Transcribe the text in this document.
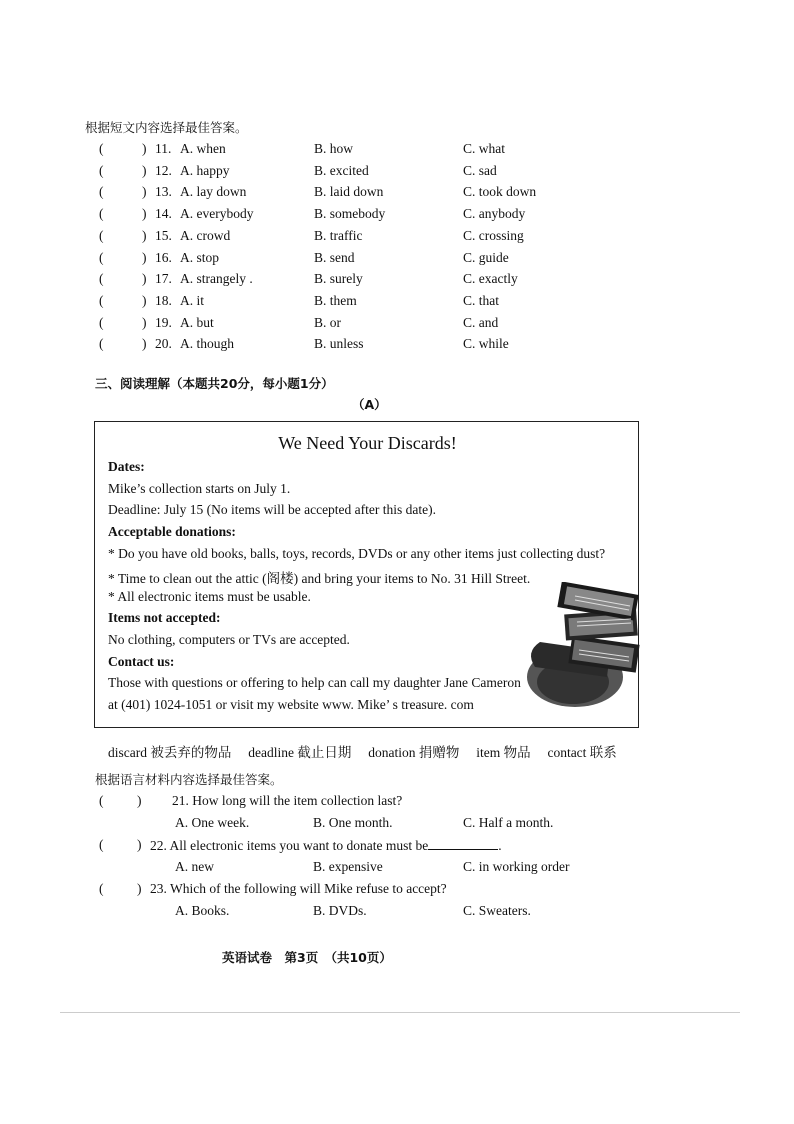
根据短文内容选择最佳答案。
(	) 11. A. when	B. how	C. what
(	) 12. A. happy	B. excited	C. sad
(	) 13. A. lay down	B. laid down	C. took down
(	) 14. A. everybody	B. somebody	C. anybody
(	) 15. A. crowd	B. traffic	C. crossing
(	) 16. A. stop	B. send	C. guide
(	) 17. A. strangely .	B. surely	C. exactly
(	) 18. A. it	B. them	C. that
(	) 19. A. but	B. or	C. and
(	) 20. A. though	B. unless	C. while
三、阅读理解（本题共20分，每小题1分）
（A）
We Need Your Discards!
Dates:
Mike’s collection starts on July 1.
Deadline: July 15 (No items will be accepted after this date).
Acceptable donations:
* Do you have old books, balls, toys, records, DVDs or any other items just collecting dust?
* Time to clean out the attic (阁楼) and bring your items to No. 31 Hill Street.
* All electronic items must be usable.
Items not accepted:
No clothing, computers or TVs are accepted.
Contact us:
Those with questions or offering to help can call my daughter Jane Cameron
at (401) 1024-1051 or visit my website www. Mike’ s treasure. com
discard 被丢弃的物品　 deadline 截止日期　 donation 捐赠物　 item 物品　 contact 联系
根据语言材料内容选择最佳答案。
( ) 21. How long will the item collection last?
A. One week.	B. One month.	C. Half a month.
( ) 22. All electronic items you want to donate must be	.
A. new	B. expensive	C. in working order
( ) 23. Which of the following will Mike refuse to accept?
A. Books.	B. DVDs.	C. Sweaters.
英语试卷　第3页　（共10页）
